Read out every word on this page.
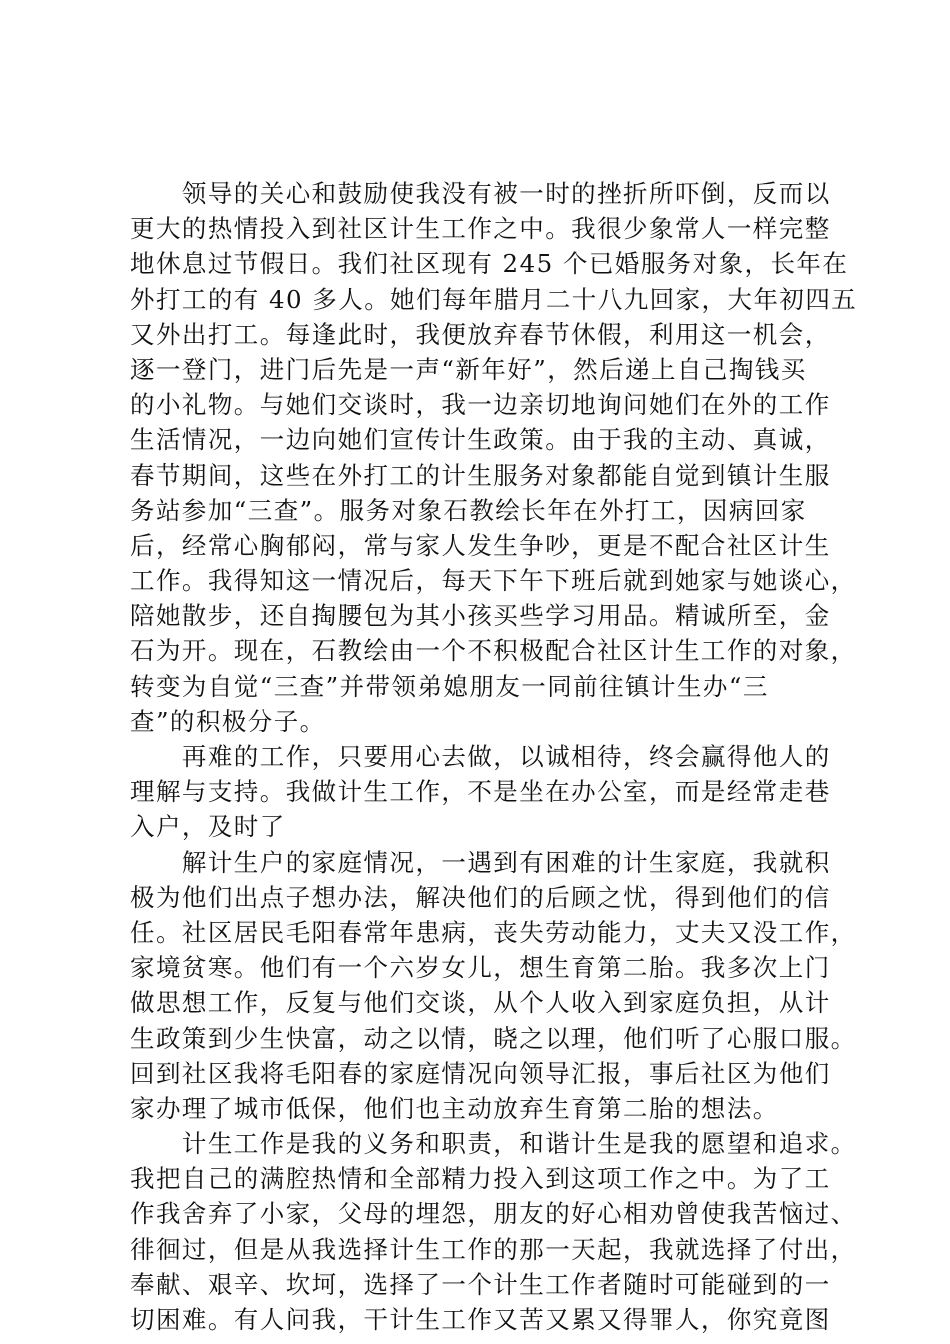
　　领导的关心和鼓励使我没有被一时的挫折所吓倒，反而以
更大的热情投入到社区计生工作之中。我很少象常人一样完整
地休息过节假日。我们社区现有 245 个已婚服务对象，长年在
外打工的有 40 多人。她们每年腊月二十八九回家，大年初四五
又外出打工。每逢此时，我便放弃春节休假，利用这一机会，
逐一登门，进门后先是一声“新年好”，然后递上自己掏钱买
的小礼物。与她们交谈时，我一边亲切地询问她们在外的工作
生活情况，一边向她们宣传计生政策。由于我的主动、真诚，
春节期间，这些在外打工的计生服务对象都能自觉到镇计生服
务站参加“三查”。服务对象石教绘长年在外打工，因病回家
后，经常心胸郁闷，常与家人发生争吵，更是不配合社区计生
工作。我得知这一情况后，每天下午下班后就到她家与她谈心，
陪她散步，还自掏腰包为其小孩买些学习用品。精诚所至，金
石为开。现在，石教绘由一个不积极配合社区计生工作的对象，
转变为自觉“三查”并带领弟媳朋友一同前往镇计生办“三
查”的积极分子。
　　再难的工作，只要用心去做，以诚相待，终会赢得他人的
理解与支持。我做计生工作，不是坐在办公室，而是经常走巷
入户，及时了
　　解计生户的家庭情况，一遇到有困难的计生家庭，我就积
极为他们出点子想办法，解决他们的后顾之忧，得到他们的信
任。社区居民毛阳春常年患病，丧失劳动能力，丈夫又没工作，
家境贫寒。他们有一个六岁女儿，想生育第二胎。我多次上门
做思想工作，反复与他们交谈，从个人收入到家庭负担，从计
生政策到少生快富，动之以情，晓之以理，他们听了心服口服。
回到社区我将毛阳春的家庭情况向领导汇报，事后社区为他们
家办理了城市低保，他们也主动放弃生育第二胎的想法。
　　计生工作是我的义务和职责，和谐计生是我的愿望和追求。
我把自己的满腔热情和全部精力投入到这项工作之中。为了工
作我舍弃了小家，父母的埋怨，朋友的好心相劝曾使我苦恼过、
徘徊过，但是从我选择计生工作的那一天起，我就选择了付出，
奉献、艰辛、坎坷，选择了一个计生工作者随时可能碰到的一
切困难。有人问我，干计生工作又苦又累又得罪人，你究竟图
